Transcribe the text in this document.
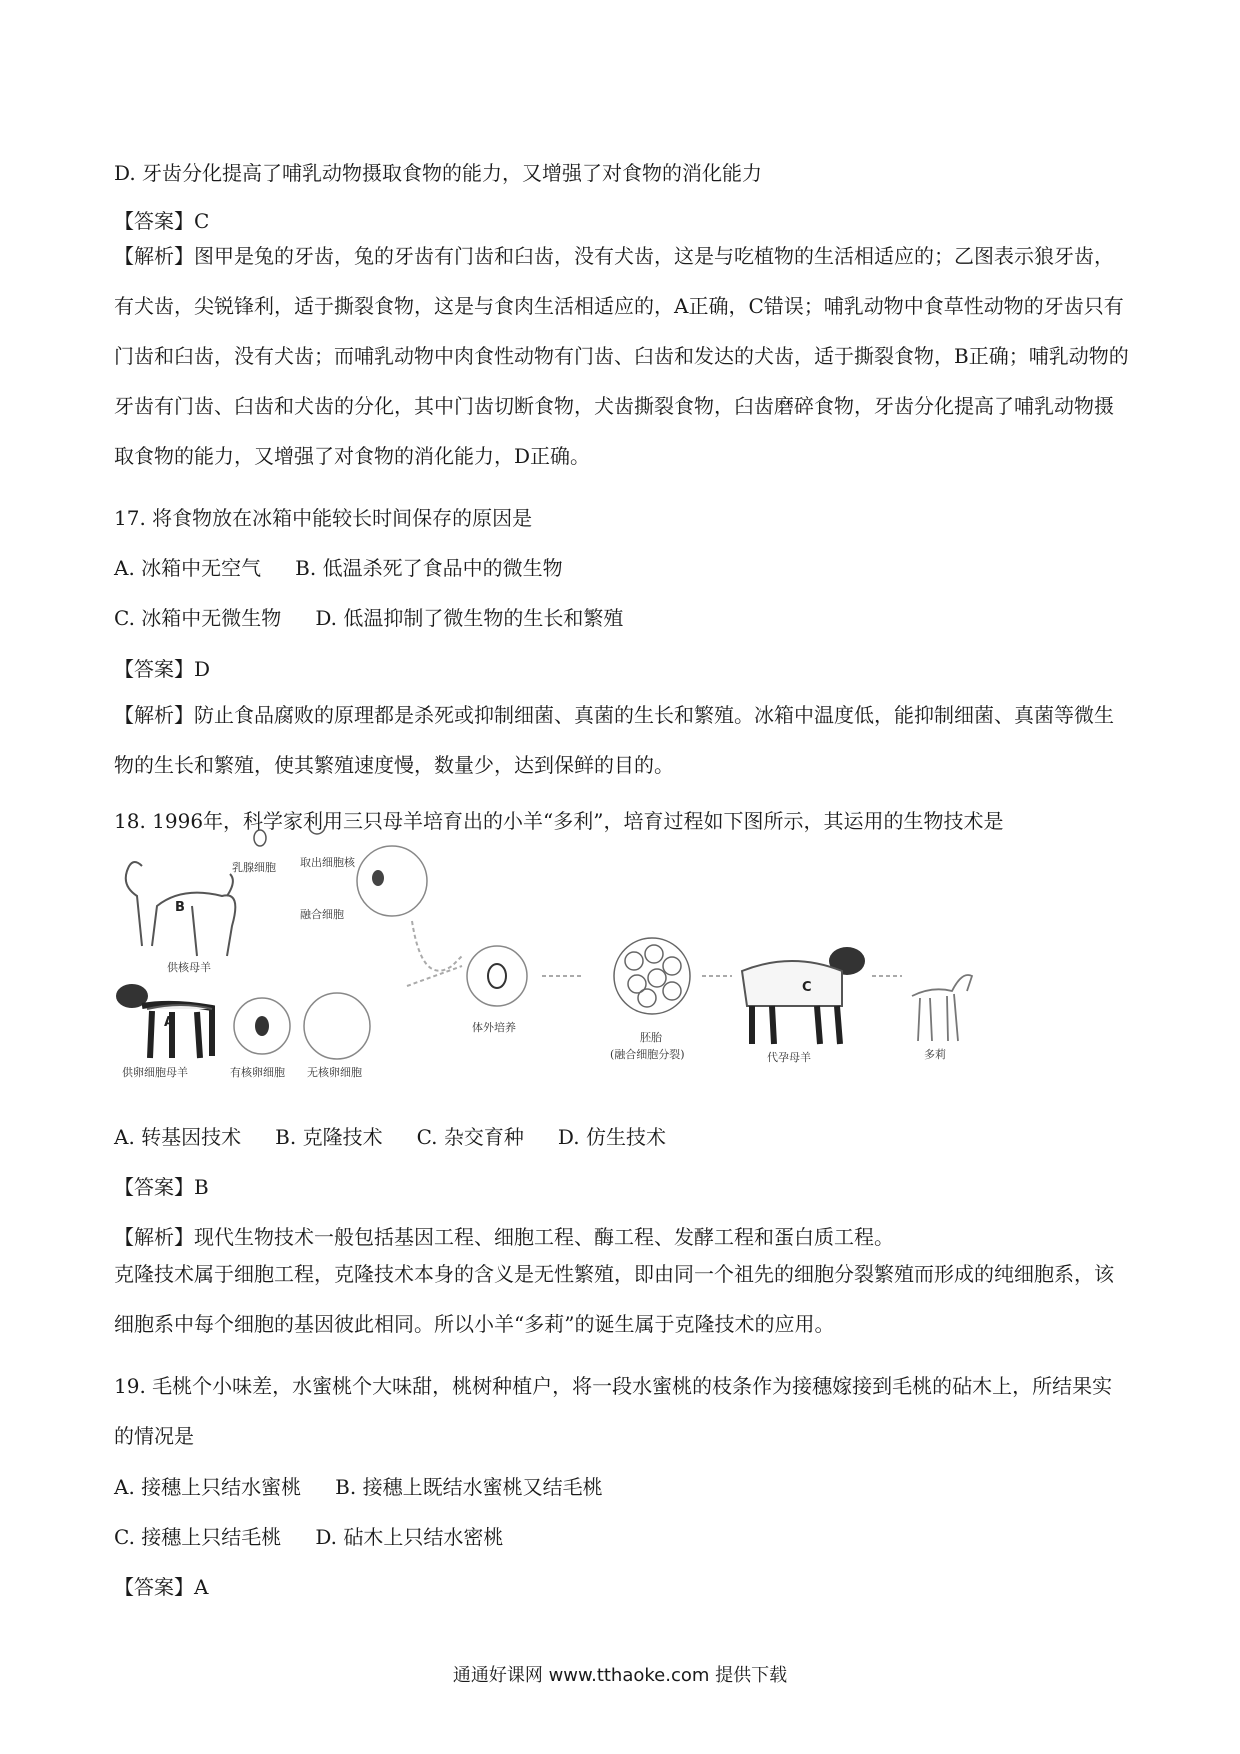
D. 牙齿分化提高了哺乳动物摄取食物的能力，又增强了对食物的消化能力
【答案】C
【解析】图甲是兔的牙齿，兔的牙齿有门齿和臼齿，没有犬齿，这是与吃植物的生活相适应的；乙图表示狼牙齿，有犬齿，尖锐锋利，适于撕裂食物，这是与食肉生活相适应的，A正确，C错误；哺乳动物中食草性动物的牙齿只有门齿和臼齿，没有犬齿；而哺乳动物中肉食性动物有门齿、臼齿和发达的犬齿，适于撕裂食物，B正确；哺乳动物的牙齿有门齿、臼齿和犬齿的分化，其中门齿切断食物，犬齿撕裂食物，臼齿磨碎食物，牙齿分化提高了哺乳动物摄取食物的能力，又增强了对食物的消化能力，D正确。
17. 将食物放在冰箱中能较长时间保存的原因是
A. 冰箱中无空气 B. 低温杀死了食品中的微生物
C. 冰箱中无微生物 D. 低温抑制了微生物的生长和繁殖
【答案】D
【解析】防止食品腐败的原理都是杀死或抑制细菌、真菌的生长和繁殖。冰箱中温度低，能抑制细菌、真菌等微生物的生长和繁殖，使其繁殖速度慢，数量少，达到保鲜的目的。
18. 1996年，科学家利用三只母羊培育出的小羊“多利”，培育过程如下图所示，其运用的生物技术是
B
供核母羊
A
供卵细胞母羊
乳腺细胞 取出细胞核
融合细胞
有核卵细胞 无核卵细胞
体外培养
胚胎
(融合细胞分裂)
C
代孕母羊	多莉
A. 转基因技术 B. 克隆技术 C. 杂交育种 D. 仿生技术
【答案】B
【解析】现代生物技术一般包括基因工程、细胞工程、酶工程、发酵工程和蛋白质工程。
克隆技术属于细胞工程，克隆技术本身的含义是无性繁殖，即由同一个祖先的细胞分裂繁殖而形成的纯细胞系，该细胞系中每个细胞的基因彼此相同。所以小羊“多莉”的诞生属于克隆技术的应用。
19. 毛桃个小味差，水蜜桃个大味甜，桃树种植户，将一段水蜜桃的枝条作为接穗嫁接到毛桃的砧木上，所结果实的情况是
A. 接穗上只结水蜜桃 B. 接穗上既结水蜜桃又结毛桃
C. 接穗上只结毛桃 D. 砧木上只结水密桃
【答案】A
通通好课网 www.tthaoke.com 提供下载
